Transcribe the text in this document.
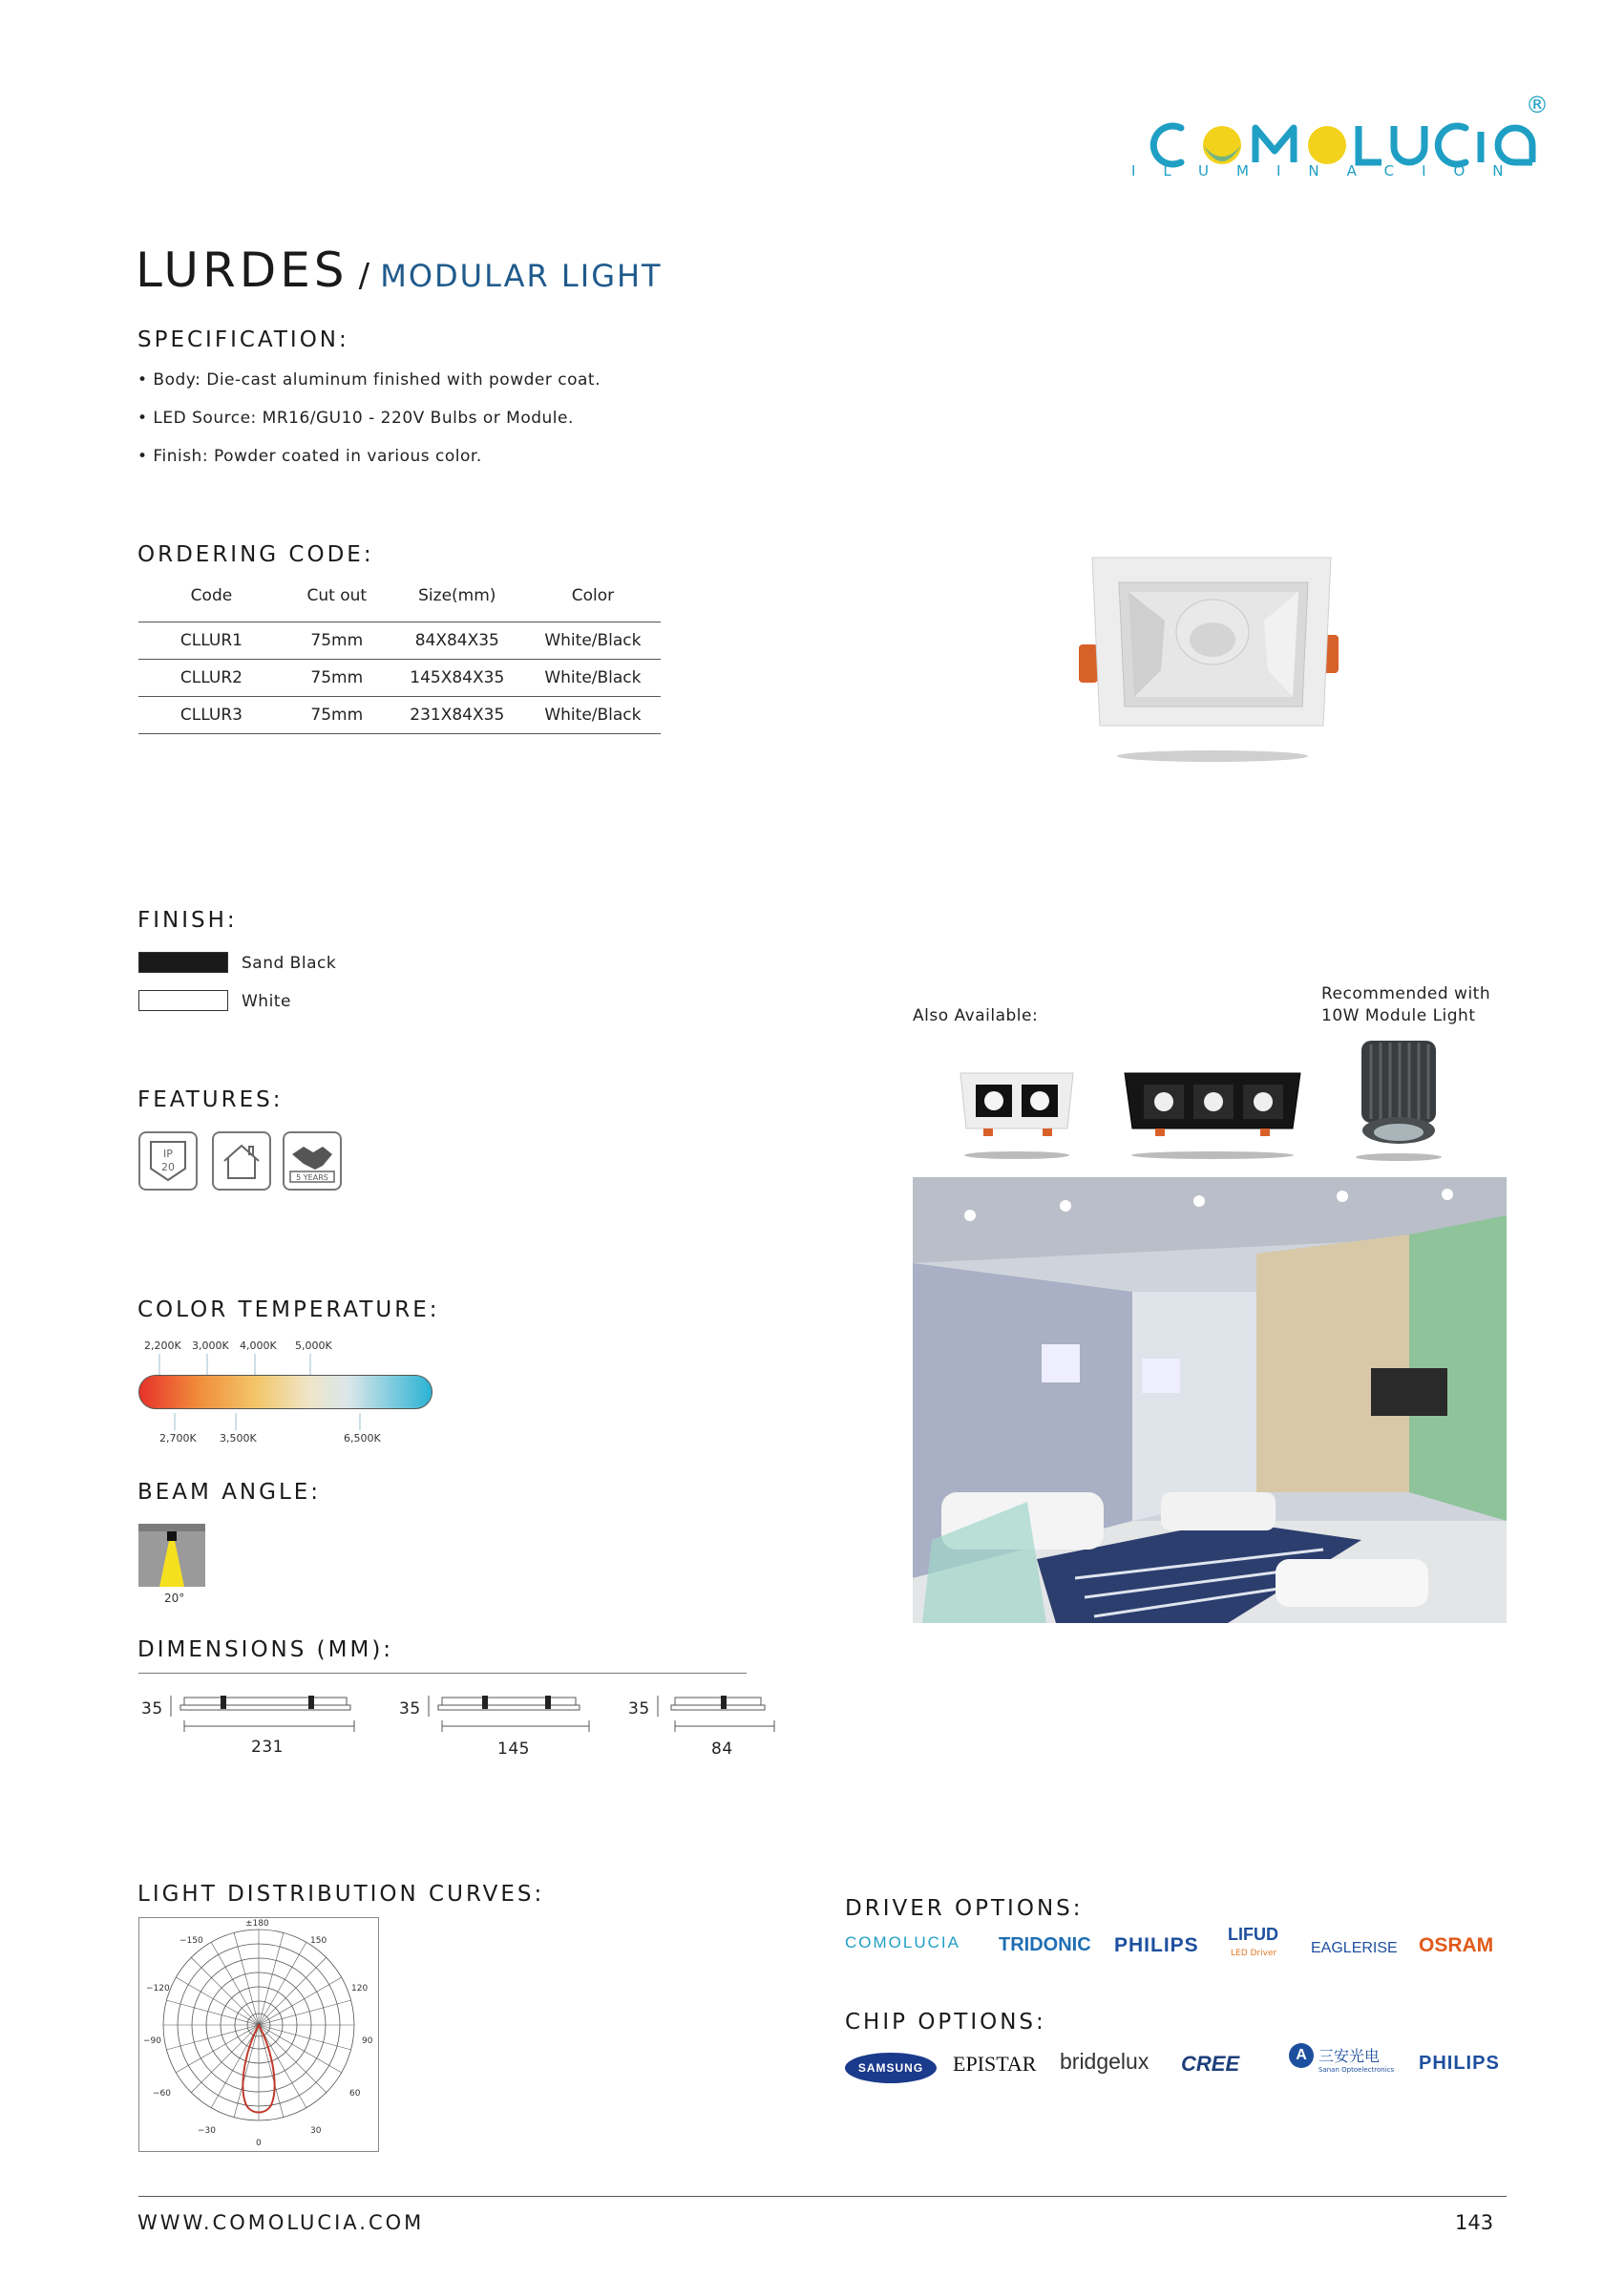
®
ILUMINACIÓN
LURDES / MODULAR LIGHT
SPECIFICATION:
• Body: Die-cast aluminum finished with powder coat.
• LED Source: MR16/GU10 - 220V Bulbs or Module.
• Finish: Powder coated in various color.
ORDERING CODE:
Code	Cut out	Size(mm)	Color
CLLUR1	75mm	84X84X35	White/Black
CLLUR2	75mm	145X84X35	White/Black
CLLUR3	75mm	231X84X35	White/Black
FINISH:
Sand Black
White
Also Available:
Recommended with
10W Module Light
FEATURES:
IP
20
5 YEARS
COLOR TEMPERATURE:
2,200K 3,000K 4,000K 5,000K
2,700K 3,500K	6,500K
BEAM ANGLE:
20°
DIMENSIONS (MM):
35
231
35
145
35
84
LIGHT DISTRIBUTION CURVES:
±180
−150	150
−120	120
−90	90
−60	60
−30	30
0
DRIVER OPTIONS:
COMOLUCIA	TRIDONIC PHILIPS LIFUD
LED Driver EAGLERISE OSRAM
CHIP OPTIONS:
SAMSUNG EPISTAR bridgelux CREE	A 三安光电
Sanan Optoelectronics PHILIPS
WWW.COMOLUCIA.COM	143
